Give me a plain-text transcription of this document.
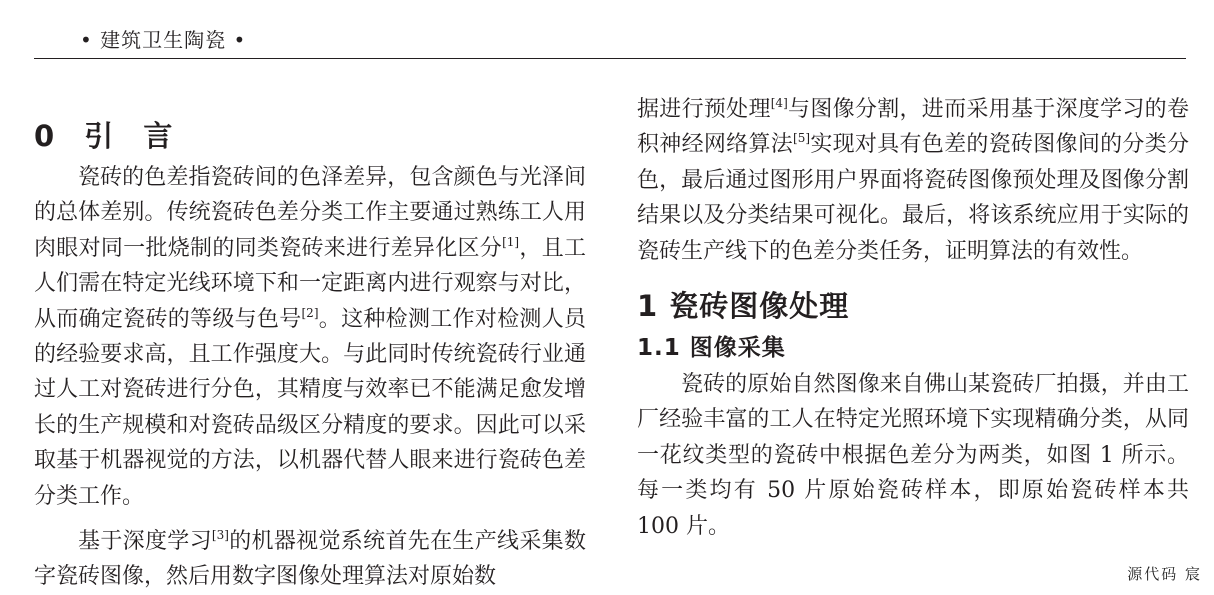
• 建筑卫生陶瓷 •
0 引 言

瓷砖的色差指瓷砖间的色泽差异，包含颜色与光泽间的总体差别。传统瓷砖色差分类工作主要通过熟练工人用肉眼对同一批烧制的同类瓷砖来进行差异化区分[1]，且工人们需在特定光线环境下和一定距离内进行观察与对比，从而确定瓷砖的等级与色号[2]。这种检测工作对检测人员的经验要求高，且工作强度大。与此同时传统瓷砖行业通过人工对瓷砖进行分色，其精度与效率已不能满足愈发增长的生产规模和对瓷砖品级区分精度的要求。因此可以采取基于机器视觉的方法，以机器代替人眼来进行瓷砖色差分类工作。

基于深度学习[3]的机器视觉系统首先在生产线采集数字瓷砖图像，然后用数字图像处理算法对原始数

据进行预处理[4]与图像分割，进而采用基于深度学习的卷积神经网络算法[5]实现对具有色差的瓷砖图像间的分类分色，最后通过图形用户界面将瓷砖图像预处理及图像分割结果以及分类结果可视化。最后，将该系统应用于实际的瓷砖生产线下的色差分类任务，证明算法的有效性。

1 瓷砖图像处理
1.1 图像采集

瓷砖的原始自然图像来自佛山某瓷砖厂拍摄，并由工厂经验丰富的工人在特定光照环境下实现精确分类，从同一花纹类型的瓷砖中根据色差分为两类，如图 1 所示。每一类均有 50 片原始瓷砖样本，即原始瓷砖样本共 100 片。

源代码 宸
